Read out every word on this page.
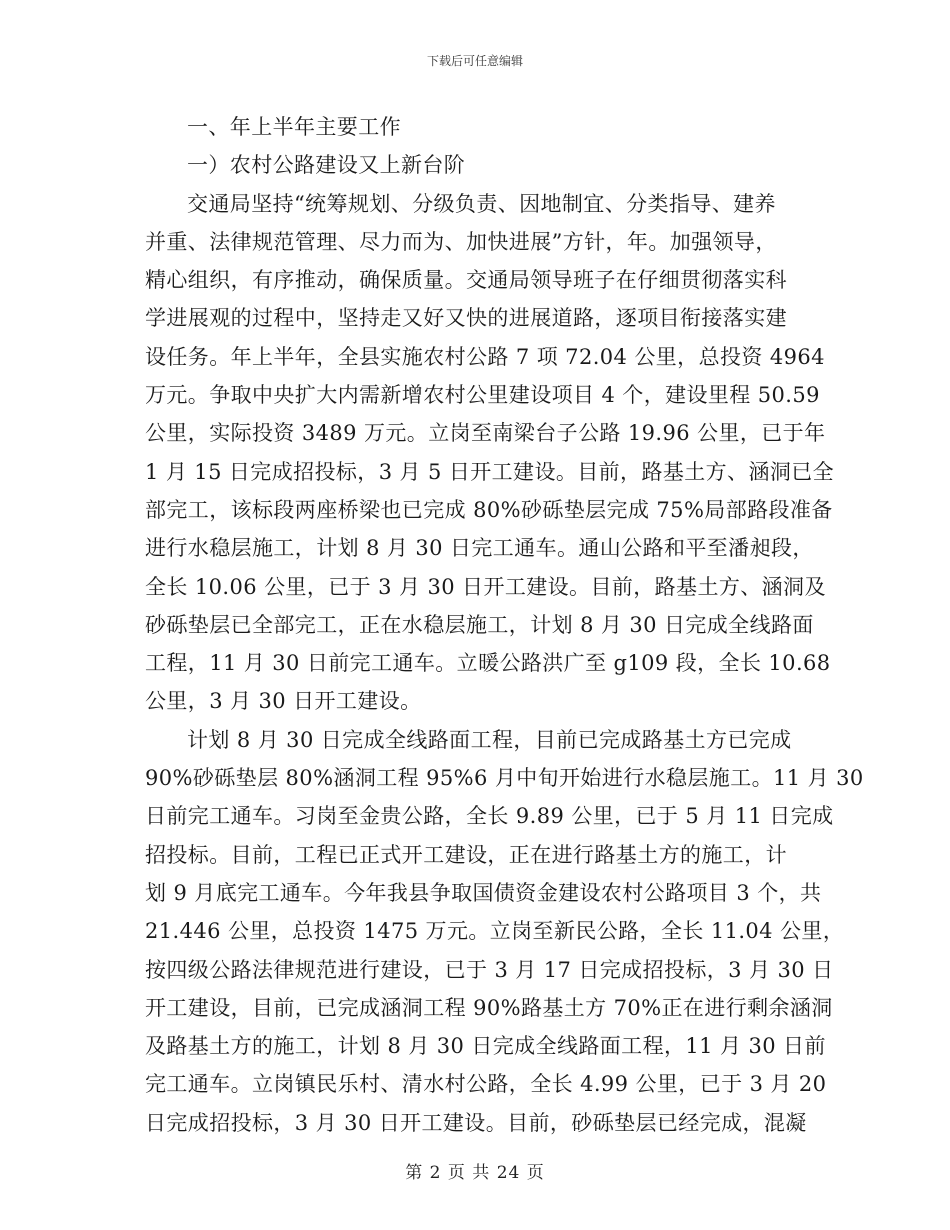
下载后可任意编辑
一、年上半年主要工作
一）农村公路建设又上新台阶
交通局坚持“统筹规划、分级负责、因地制宜、分类指导、建养
并重、法律规范管理、尽力而为、加快进展”方针，年。加强领导，
精心组织，有序推动，确保质量。交通局领导班子在仔细贯彻落实科
学进展观的过程中，坚持走又好又快的进展道路，逐项目衔接落实建
设任务。年上半年，全县实施农村公路 7 项 72.04 公里，总投资 4964
万元。争取中央扩大内需新增农村公里建设项目 4 个，建设里程 50.59
公里，实际投资 3489 万元。立岗至南梁台子公路 19.96 公里，已于年
1 月 15 日完成招投标，3 月 5 日开工建设。目前，路基土方、涵洞已全
部完工，该标段两座桥梁也已完成 80%砂砾垫层完成 75%局部路段准备
进行水稳层施工，计划 8 月 30 日完工通车。通山公路和平至潘昶段，
全长 10.06 公里，已于 3 月 30 日开工建设。目前，路基土方、涵洞及
砂砾垫层已全部完工，正在水稳层施工，计划 8 月 30 日完成全线路面
工程，11 月 30 日前完工通车。立暖公路洪广至 g109 段，全长 10.68
公里，3 月 30 日开工建设。
计划 8 月 30 日完成全线路面工程，目前已完成路基土方已完成
90%砂砾垫层 80%涵洞工程 95%6 月中旬开始进行水稳层施工。11 月 30
日前完工通车。习岗至金贵公路，全长 9.89 公里，已于 5 月 11 日完成
招投标。目前，工程已正式开工建设，正在进行路基土方的施工，计
划 9 月底完工通车。今年我县争取国债资金建设农村公路项目 3 个，共
21.446 公里，总投资 1475 万元。立岗至新民公路，全长 11.04 公里，
按四级公路法律规范进行建设，已于 3 月 17 日完成招投标，3 月 30 日
开工建设，目前，已完成涵洞工程 90%路基土方 70%正在进行剩余涵洞
及路基土方的施工，计划 8 月 30 日完成全线路面工程，11 月 30 日前
完工通车。立岗镇民乐村、清水村公路，全长 4.99 公里，已于 3 月 20
日完成招投标，3 月 30 日开工建设。目前，砂砾垫层已经完成，混凝
第 2 页 共 24 页
